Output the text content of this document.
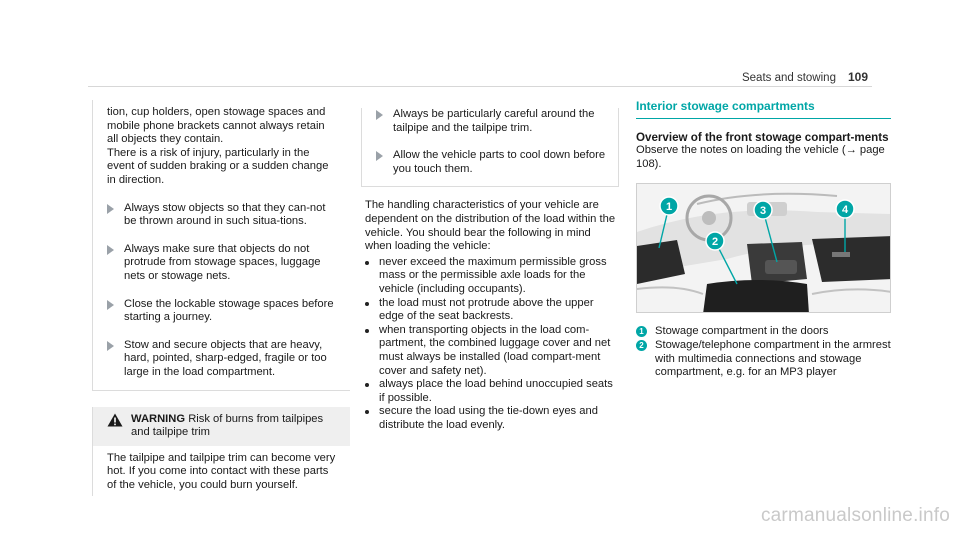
Seats and stowing 109

tion, cup holders, open stowage spaces and mobile phone brackets cannot always retain all objects they contain.

There is a risk of injury, particularly in the event of sudden braking or a sudden change in direction.

Always stow objects so that they can-not be thrown around in such situa-tions.
Always make sure that objects do not protrude from stowage spaces, luggage nets or stowage nets.
Close the lockable stowage spaces before starting a journey.
Stow and secure objects that are heavy, hard, pointed, sharp-edged, fragile or too large in the load compartment.
WARNING Risk of burns from tailpipes and tailpipe trim
The tailpipe and tailpipe trim can become very hot. If you come into contact with these parts of the vehicle, you could burn yourself.
Always be particularly careful around the tailpipe and the tailpipe trim.
Allow the vehicle parts to cool down before you touch them.

The handling characteristics of your vehicle are dependent on the distribution of the load within the vehicle. You should bear the following in mind when loading the vehicle:

never exceed the maximum permissible gross mass or the permissible axle loads for the vehicle (including occupants).
the load must not protrude above the upper edge of the seat backrests.
when transporting objects in the load com-partment, the combined luggage cover and net must always be installed (load compart-ment cover and safety net).
always place the load behind unoccupied seats if possible.
secure the load using the tie-down eyes and distribute the load evenly.
Interior stowage compartments
Overview of the front stowage compart-ments

Observe the notes on loading the vehicle (→ page 108).

1
2
3	4
1 Stowage compartment in the doors
2 Stowage/telephone compartment in the armrest with multimedia connections and stowage compartment, e.g. for an MP3 player
carmanualsonline.info
